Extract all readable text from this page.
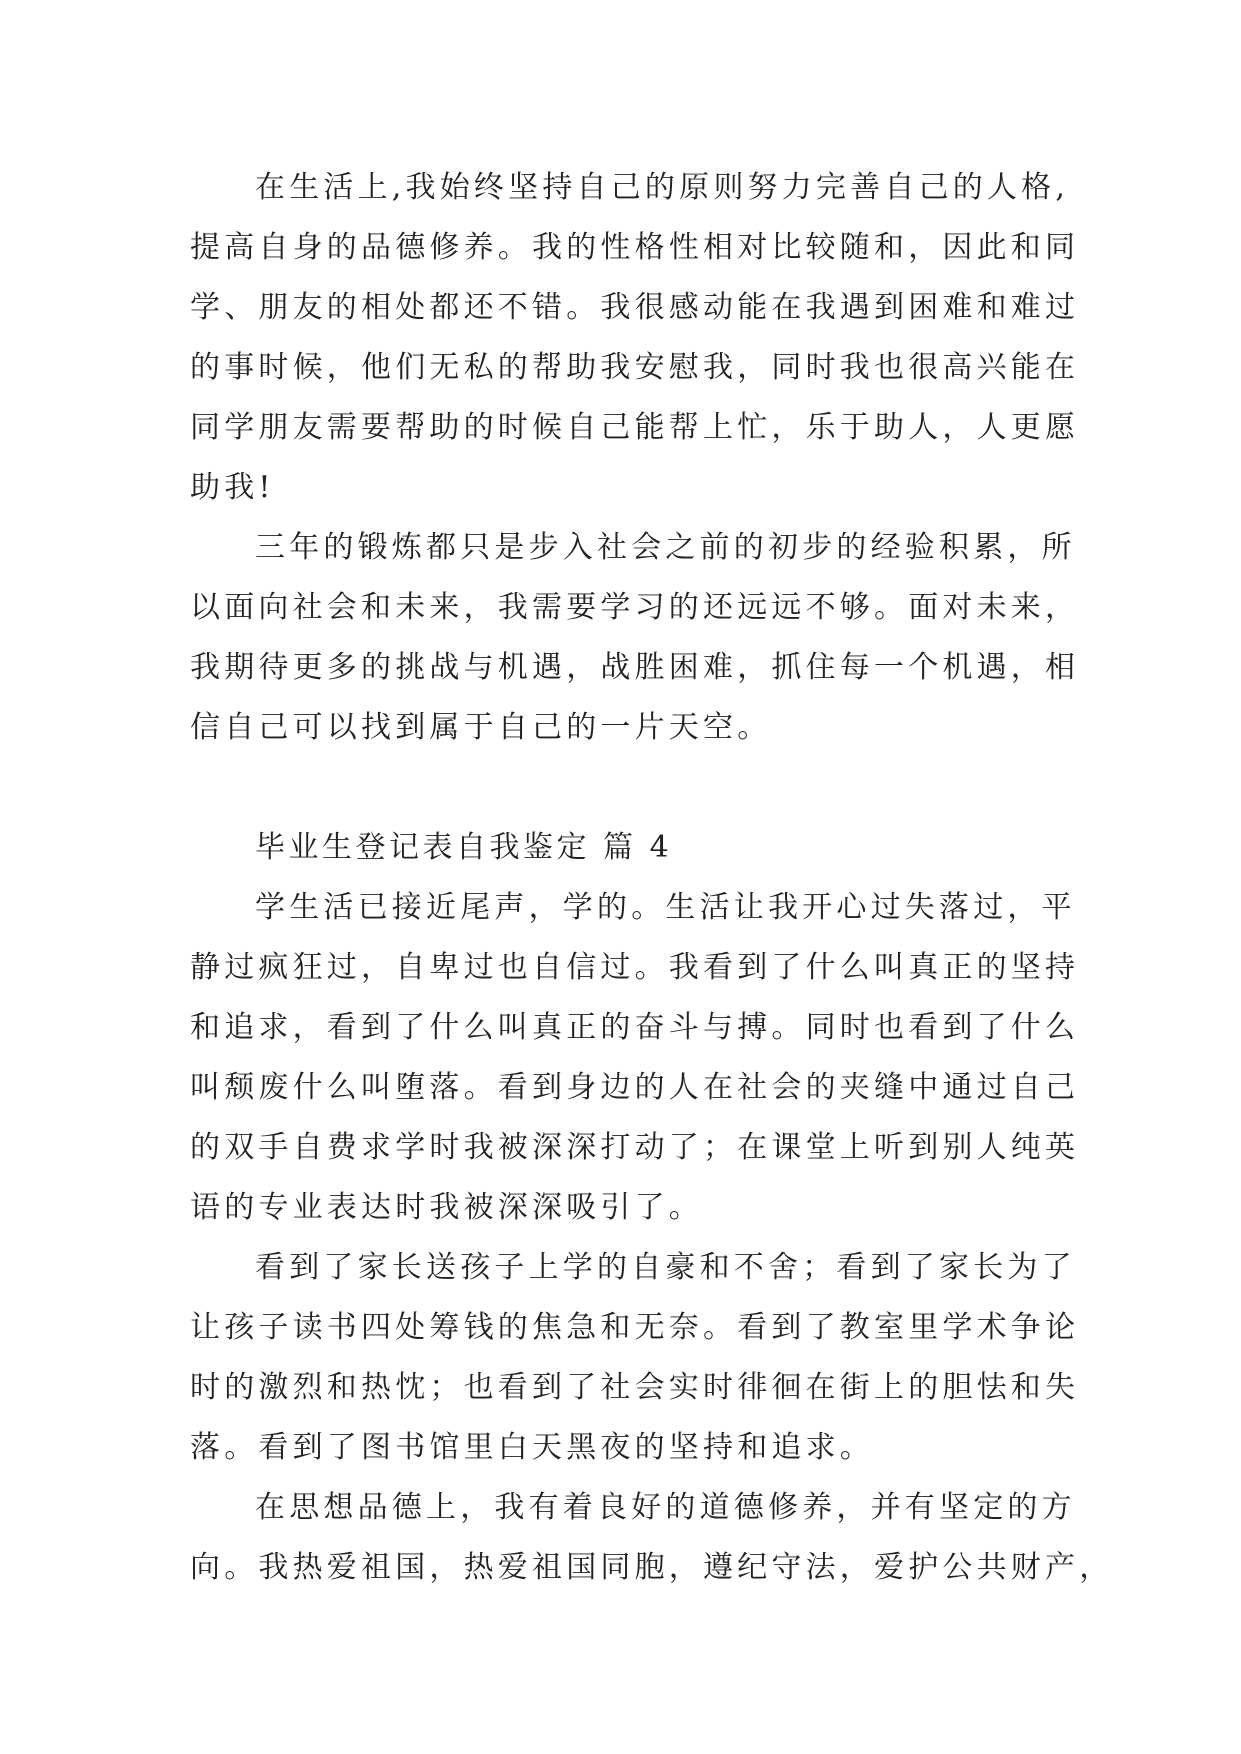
在生活上,我始终坚持自己的原则努力完善自己的人格,
提高自身的品德修养。我的性格性相对比较随和，因此和同
学、朋友的相处都还不错。我很感动能在我遇到困难和难过
的事时候，他们无私的帮助我安慰我，同时我也很高兴能在
同学朋友需要帮助的时候自己能帮上忙，乐于助人，人更愿
助我!
三年的锻炼都只是步入社会之前的初步的经验积累，所
以面向社会和未来，我需要学习的还远远不够。面对未来，
我期待更多的挑战与机遇，战胜困难，抓住每一个机遇，相
信自己可以找到属于自己的一片天空。
毕业生登记表自我鉴定 篇 4
学生活已接近尾声，学的。生活让我开心过失落过，平
静过疯狂过，自卑过也自信过。我看到了什么叫真正的坚持
和追求，看到了什么叫真正的奋斗与搏。同时也看到了什么
叫颓废什么叫堕落。看到身边的人在社会的夹缝中通过自己
的双手自费求学时我被深深打动了；在课堂上听到别人纯英
语的专业表达时我被深深吸引了。
看到了家长送孩子上学的自豪和不舍；看到了家长为了
让孩子读书四处筹钱的焦急和无奈。看到了教室里学术争论
时的激烈和热忱；也看到了社会实时徘徊在街上的胆怯和失
落。看到了图书馆里白天黑夜的坚持和追求。
在思想品德上，我有着良好的道德修养，并有坚定的方
向。我热爱祖国，热爱祖国同胞，遵纪守法，爱护公共财产，
